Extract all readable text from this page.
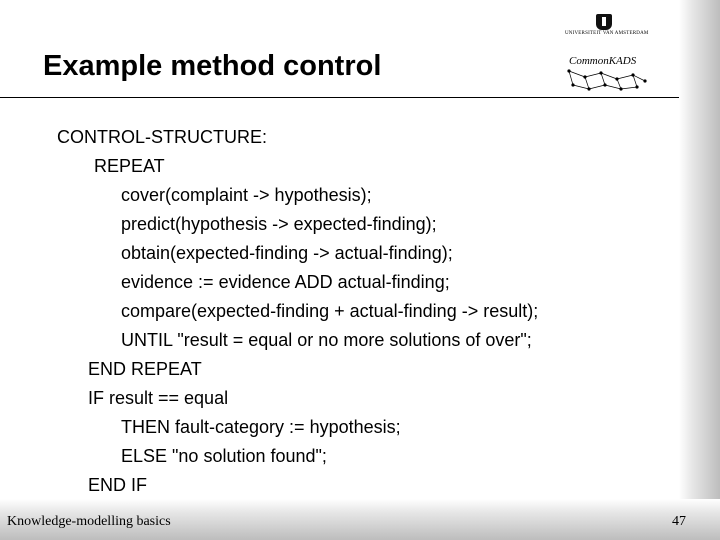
Example method control
UNIVERSITEIT VAN AMSTERDAM
CommonKADS
CONTROL-STRUCTURE:
REPEAT
cover(complaint -> hypothesis);
predict(hypothesis -> expected-finding);
obtain(expected-finding -> actual-finding);
evidence := evidence ADD actual-finding;
compare(expected-finding + actual-finding -> result);
UNTIL "result = equal or no more solutions of over";
END REPEAT
IF result == equal
THEN fault-category := hypothesis;
ELSE "no solution found";
END IF
Knowledge-modelling basics	47
